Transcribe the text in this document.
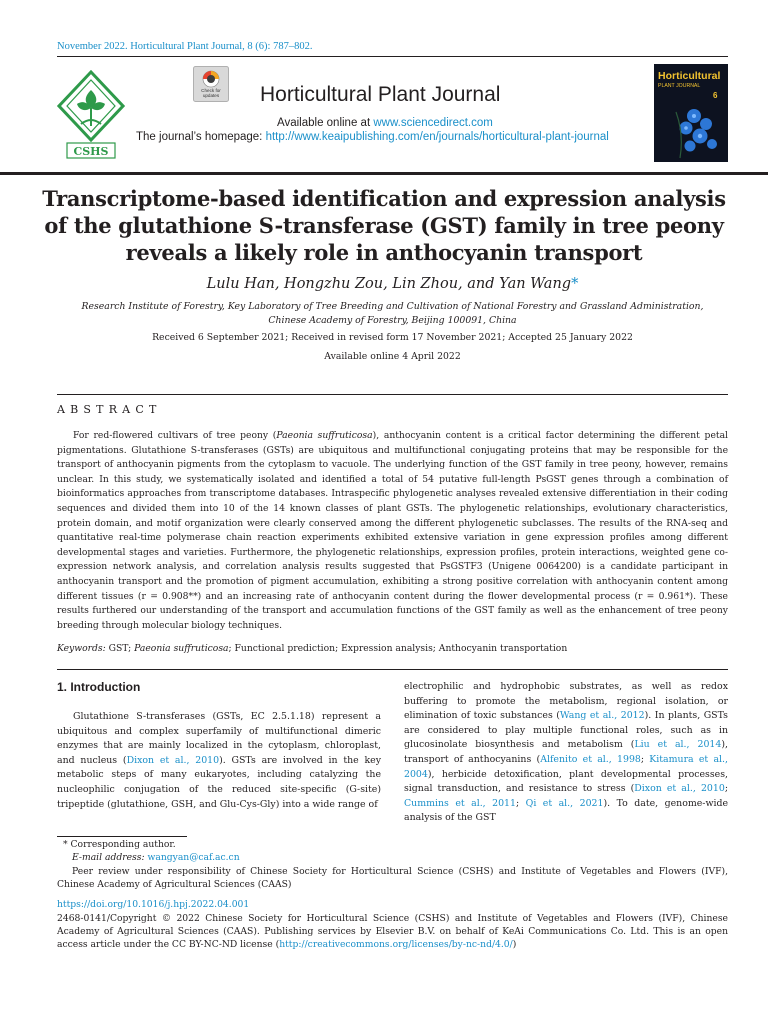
November 2022. Horticultural Plant Journal, 8 (6): 787–802.
CSHS
Check for updates	Horticultural Plant Journal
Available online at www.sciencedirect.com
The journal’s homepage: http://www.keaipublishing.com/en/journals/horticultural-plant-journal
Horticultural
PLANT JOURNAL
6
Transcriptome-based identification and expression analysis of the glutathione S-transferase (GST) family in tree peony reveals a likely role in anthocyanin transport
Lulu Han, Hongzhu Zou, Lin Zhou, and Yan Wang*
Research Institute of Forestry, Key Laboratory of Tree Breeding and Cultivation of National Forestry and Grassland Administration, Chinese Academy of Forestry, Beijing 100091, China
Received 6 September 2021; Received in revised form 17 November 2021; Accepted 25 January 2022
Available online 4 April 2022
ABSTRACT

For red-flowered cultivars of tree peony (Paeonia suffruticosa), anthocyanin content is a critical factor determining the different petal pigmentations. Glutathione S-transferases (GSTs) are ubiquitous and multifunctional conjugating proteins that may be responsible for the transport of anthocyanin pigments from the cytoplasm to vacuole. The underlying function of the GST family in tree peony, however, remains unclear. In this study, we systematically isolated and identified a total of 54 putative full-length PsGST genes through a combination of bioinformatics approaches from transcriptome databases. Intraspecific phylogenetic analyses revealed extensive differentiation in their coding sequences and divided them into 10 of the 14 known classes of plant GSTs. The phylogenetic relationships, evolutionary characteristics, protein domain, and motif organization were clearly conserved among the different phylogenetic subclasses. The results of the RNA-seq and quantitative real-time polymerase chain reaction experiments exhibited extensive variation in gene expression profiles among different developmental stages and varieties. Furthermore, the phylogenetic relationships, expression profiles, protein interactions, weighted gene co-expression network analysis, and correlation analysis results suggested that PsGSTF3 (Unigene 0064200) is a candidate participant in anthocyanin transport and the promotion of pigment accumulation, exhibiting a strong positive correlation with anthocyanin content among different tissues (r = 0.908**) and an increasing rate of anthocyanin content during the flower developmental process (r = 0.961*). These results furthered our understanding of the transport and accumulation functions of the GST family as well as the enhancement of tree peony breeding through molecular biology techniques.

Keywords: GST; Paeonia suffruticosa; Functional prediction; Expression analysis; Anthocyanin transportation
1. Introduction
Glutathione S-transferases (GSTs, EC 2.5.1.18) represent a ubiquitous and complex superfamily of multifunctional dimeric enzymes that are mainly localized in the cytoplasm, chloroplast, and nucleus (Dixon et al., 2010). GSTs are involved in the key metabolic steps of many eukaryotes, including catalyzing the nucleophilic conjugation of the reduced site-specific (G-site) tripeptide (glutathione, GSH, and Glu-Cys-Gly) into a wide range of
electrophilic and hydrophobic substrates, as well as redox buffering to promote the metabolism, regional isolation, or elimination of toxic substances (Wang et al., 2012). In plants, GSTs are considered to play multiple functional roles, such as in glucosinolate biosynthesis and metabolism (Liu et al., 2014), transport of anthocyanins (Alfenito et al., 1998; Kitamura et al., 2004), herbicide detoxification, plant developmental processes, signal transduction, and resistance to stress (Dixon et al., 2010; Cummins et al., 2011; Qi et al., 2021). To date, genome-wide analysis of the GST
* Corresponding author.
E-mail address: wangyan@caf.ac.cn
Peer review under responsibility of Chinese Society for Horticultural Science (CSHS) and Institute of Vegetables and Flowers (IVF), Chinese Academy of Agricultural Sciences (CAAS)
https://doi.org/10.1016/j.hpj.2022.04.001
2468-0141/Copyright © 2022 Chinese Society for Horticultural Science (CSHS) and Institute of Vegetables and Flowers (IVF), Chinese Academy of Agricultural Sciences (CAAS). Publishing services by Elsevier B.V. on behalf of KeAi Communications Co. Ltd. This is an open access article under the CC BY-NC-ND license (http://creativecommons.org/licenses/by-nc-nd/4.0/)
